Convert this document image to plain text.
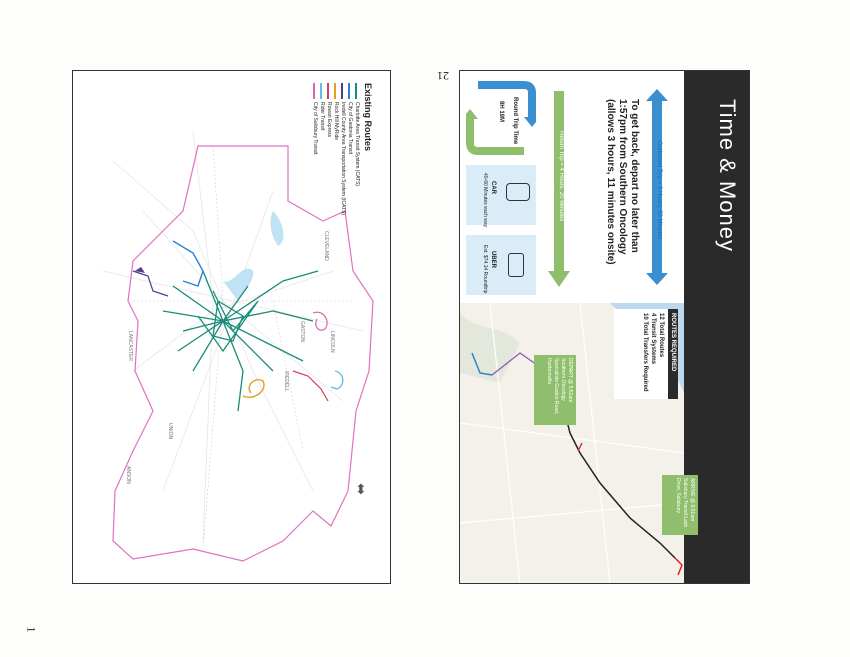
21
1
Existing Routes
Charlotte Area Transit System (CATS)
City of Gastonia Transit
Iredell County Area Transportation System (ICATS)
Rock Hill MyRide
Rowan Express
Rider Transit
City of Salisbury Transit
CLEVELAND
GASTON	LINCOLN
IREDELL
UNION
ANSON
LANCASTER
⬍
Time & Money
Outbound Trip = 3 Hours, 59 Minutes
To get back, depart no later than 1:57pm from Southern Oncology (allows 3 hours, 11 minutes onsite)
Return Trip = 4 Hours, 20 Minutes
Round Trip Time
8H 19M
CAR
40-60 Minutes each way
UBER
Est. $74.14 Roundtrip
ROUTES REQUIRED
12 Total Routes
4 Transit Systems
10 Total Transfers Required
DEPART @ 5:51am Southern Oncology Specialists Gaston Road, Huntersville
ARRIVE @ 9:51am Salisbury Transit Lash Drive, Salisbury
